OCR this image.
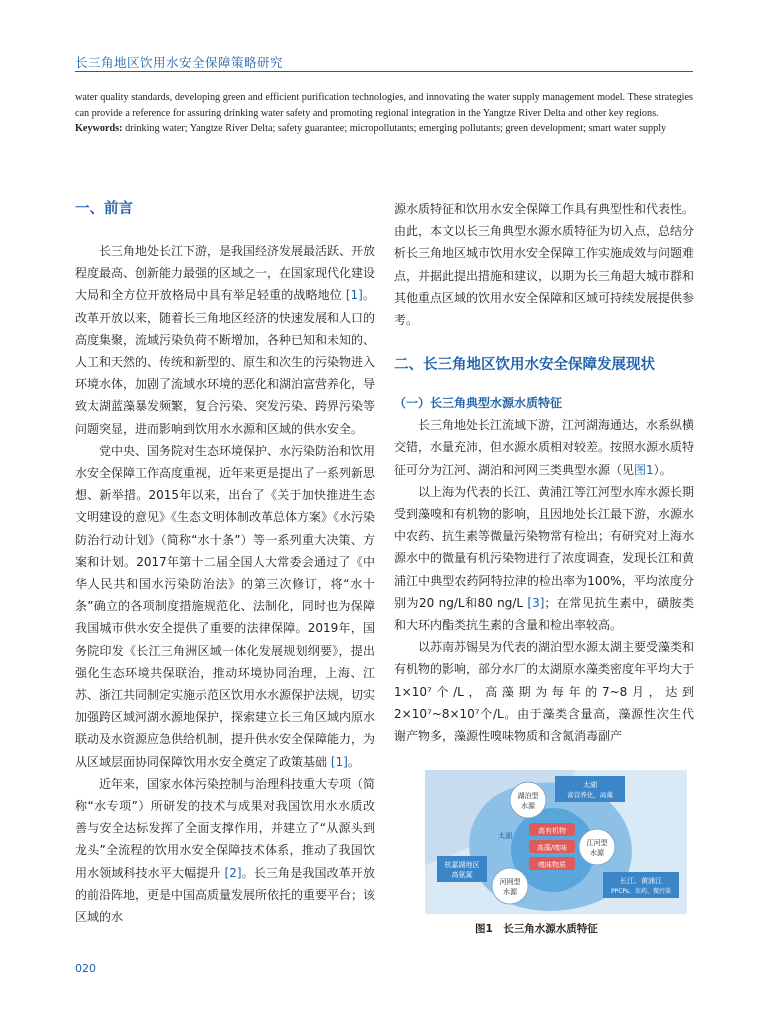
长三角地区饮用水安全保障策略研究
water quality standards, developing green and efficient purification technologies, and innovating the water supply management model. These strategies can provide a reference for assuring drinking water safety and promoting regional integration in the Yangtze River Delta and other key regions.
Keywords: drinking water; Yangtze River Delta; safety guarantee; micropollutants; emerging pollutants; green development; smart water supply
一、前言

长三角地处长江下游，是我国经济发展最活跃、开放程度最高、创新能力最强的区域之一，在国家现代化建设大局和全方位开放格局中具有举足轻重的战略地位 [1]。改革开放以来，随着长三角地区经济的快速发展和人口的高度集聚，流域污染负荷不断增加，各种已知和未知的、人工和天然的、传统和新型的、原生和次生的污染物进入环境水体，加剧了流域水环境的恶化和湖泊富营养化，导致太湖蓝藻暴发频繁，复合污染、突发污染、跨界污染等问题突显，进而影响到饮用水水源和区域的供水安全。

党中央、国务院对生态环境保护、水污染防治和饮用水安全保障工作高度重视，近年来更是提出了一系列新思想、新举措。2015年以来，出台了《关于加快推进生态文明建设的意见》《生态文明体制改革总体方案》《水污染防治行动计划》（简称“水十条”）等一系列重大决策、方案和计划。2017年第十二届全国人大常委会通过了《中华人民共和国水污染防治法》的第三次修订，将“水十条”确立的各项制度措施规范化、法制化，同时也为保障我国城市供水安全提供了重要的法律保障。2019年，国务院印发《长江三角洲区域一体化发展规划纲要》，提出强化生态环境共保联治，推动环境协同治理，上海、江苏、浙江共同制定实施示范区饮用水水源保护法规，切实加强跨区域河湖水源地保护，探索建立长三角区域内原水联动及水资源应急供给机制，提升供水安全保障能力，为从区域层面协同保障饮用水安全奠定了政策基础 [1]。

近年来，国家水体污染控制与治理科技重大专项（简称“水专项”）所研发的技术与成果对我国饮用水水质改善与安全达标发挥了全面支撑作用，并建立了“从源头到龙头”全流程的饮用水安全保障技术体系，推动了我国饮用水领域科技水平大幅提升 [2]。长三角是我国改革开放的前沿阵地，更是中国高质量发展所依托的重要平台；该区域的水

源水质特征和饮用水安全保障工作具有典型性和代表性。由此，本文以长三角典型水源水质特征为切入点，总结分析长三角地区城市饮用水安全保障工作实施成效与问题难点，并据此提出措施和建议，以期为长三角超大城市群和其他重点区域的饮用水安全保障和区域可持续发展提供参考。

二、长三角地区饮用水安全保障发展现状
（一）长三角典型水源水质特征

长三角地处长江流域下游，江河湖海通达，水系纵横交错，水量充沛，但水源水质相对较差。按照水源水质特征可分为江河、湖泊和河网三类典型水源（见图1）。

以上海为代表的长江、黄浦江等江河型水库水源长期受到藻嗅和有机物的影响，且因地处长江最下游，水源水中农药、抗生素等微量污染物常有检出；有研究对上海水源水中的微量有机污染物进行了浓度调查，发现长江和黄浦江中典型农药阿特拉津的检出率为100%，平均浓度分别为20 ng/L和80 ng/L [3]；在常见抗生素中，磺胺类和大环内酯类抗生素的含量和检出率较高。

以苏南苏锡昊为代表的湖泊型水源太湖主要受藻类和有机物的影响，部分水厂的太湖原水藻类密度年平均大于1×10⁷个/L，高藻期为每年的7~8月，达到2×10⁷~8×10⁷个/L。由于藻类含量高，藻源性次生代谢产物多，藻源性嗅味物质和含氮消毒副产

高有机物
高藻/嗅味
嗅味物质
太湖
湖泊型
水源
太湖
富营养化，高藻
江河型
水源
长江、黄浦江
PPCPs、农药、微污染
河网型
水源
杭嘉湖地区
高氨氮
图1　长三角水源水质特征
020
